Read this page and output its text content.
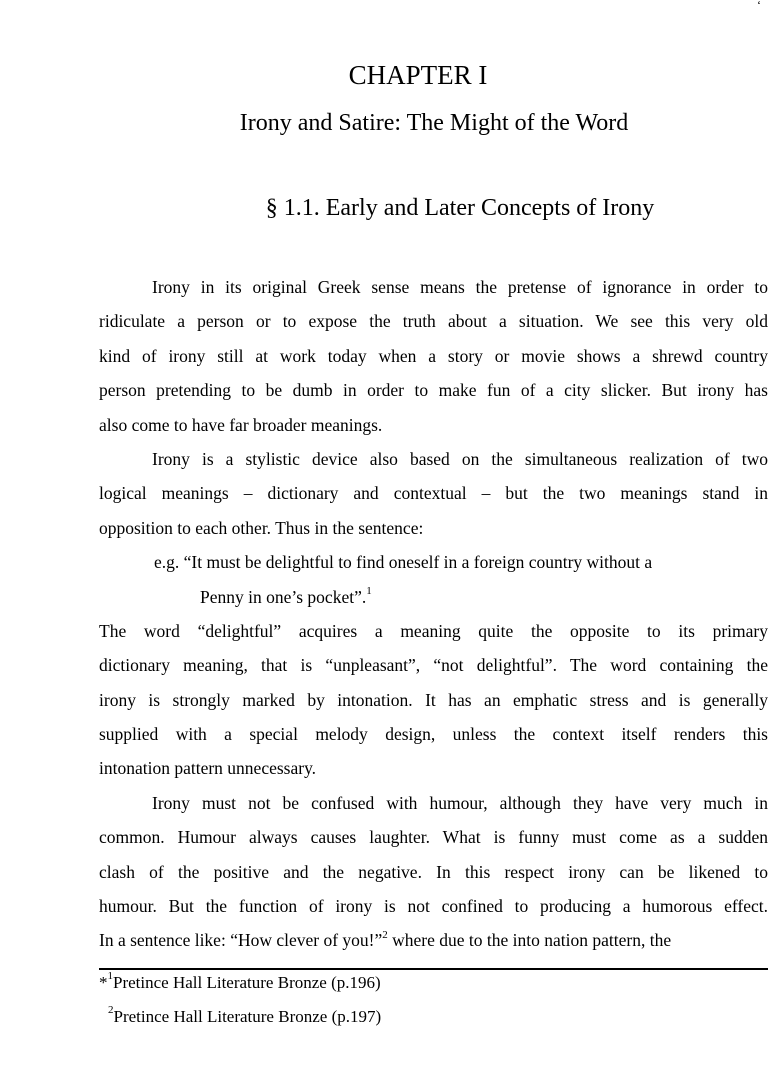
‘
CHAPTER I
Irony and Satire: The Might of the Word
§ 1.1. Early and Later Concepts of Irony
Irony in its original Greek sense means the pretense of ignorance in order to
ridiculate a person or to expose the truth about a situation. We see this very old
kind of irony still at work today when a story or movie shows a shrewd country
person pretending to be dumb in order to make fun of a city slicker. But irony has
also come to have far broader meanings.
Irony is a stylistic device also based on the simultaneous realization of two
logical meanings – dictionary and contextual – but the two meanings stand in
opposition to each other. Thus in the sentence:
e.g. “It must be delightful to find oneself in a foreign country without a
Penny in one’s pocket”.$^1$
The word “delightful” acquires a meaning quite the opposite to its primary
dictionary meaning, that is “unpleasant”, “not delightful”. The word containing the
irony is strongly marked by intonation. It has an emphatic stress and is generally
supplied with a special melody design, unless the context itself renders this
intonation pattern unnecessary.
Irony must not be confused with humour, although they have very much in
common. Humour always causes laughter. What is funny must come as a sudden
clash of the positive and the negative. In this respect irony can be likened to
humour. But the function of irony is not confined to producing a humorous effect.
In a sentence like: “How clever of you!”$^2$ where due to the into nation pattern, the
*$^1$Pretince Hall Literature Bronze (p.196)
$^2$Pretince Hall Literature Bronze (p.197)
